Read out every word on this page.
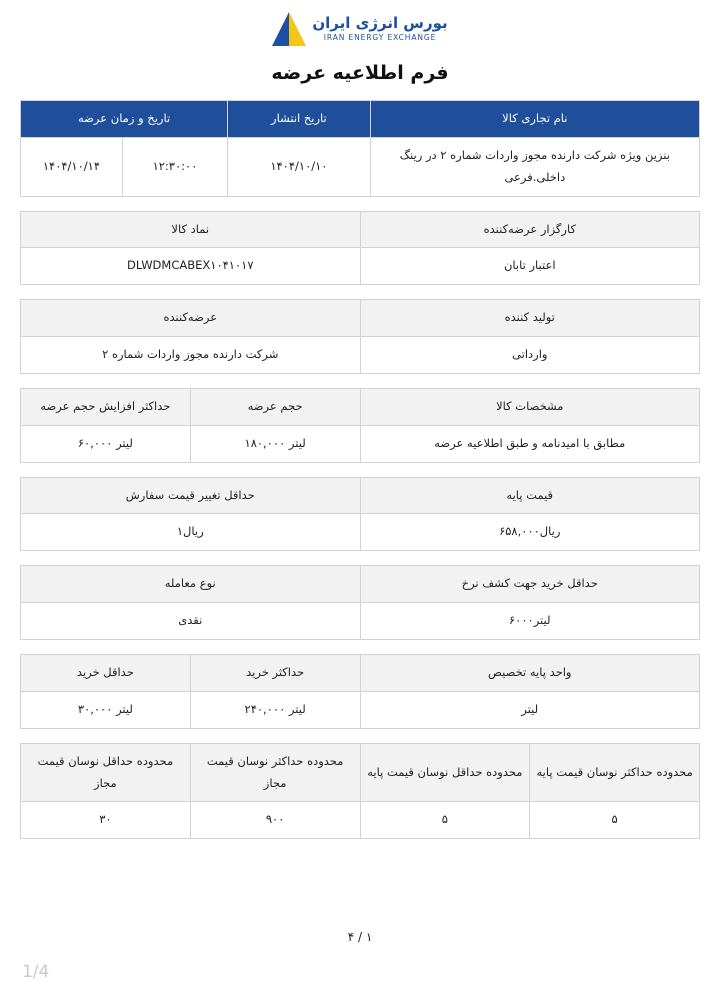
بورس انرژی ایران
IRAN ENERGY EXCHANGE
فرم اطلاعیه عرضه
نام تجاری کالا	تاریخ انتشار	تاریخ و زمان عرضه	
بنزین ویژه شرکت دارنده مجوز واردات شماره ۲ در رینگ داخلی.فرعی	۱۴۰۴/۱۰/۱۰	۱۲:۳۰:۰۰	۱۴۰۴/۱۰/۱۴
کارگزار عرضه‌کننده	نماد کالا
اعتبار تابان	DLWDMCABEX۱۰۴۱۰۱۷
تولید کننده	عرضه‌کننده
وارداتی	شرکت دارنده مجوز واردات شماره ۲
مشخصات کالا	حجم عرضه	حداکثر افزایش حجم عرضه
مطابق با امیدنامه و طبق اطلاعیه عرضه	لیتر ۱۸۰,۰۰۰	لیتر ۶۰,۰۰۰
قیمت پایه	حداقل تغییر قیمت سفارش
ریال۶۵۸,۰۰۰	ریال۱
حداقل خرید جهت کشف نرخ	نوع معامله
لیتر۶۰۰۰	نقدی
واحد پایه تخصیص	حداکثر خرید	حداقل خرید
لیتر	لیتر ۲۴۰,۰۰۰	لیتر ۳۰,۰۰۰
محدوده حداکثر نوسان قیمت پایه	محدوده حداقل نوسان قیمت پایه	محدوده حداکثر نوسان قیمت مجاز	محدوده حداقل نوسان قیمت مجاز
۵	۵	۹۰۰	۳۰
۱ / ۴
1/4
